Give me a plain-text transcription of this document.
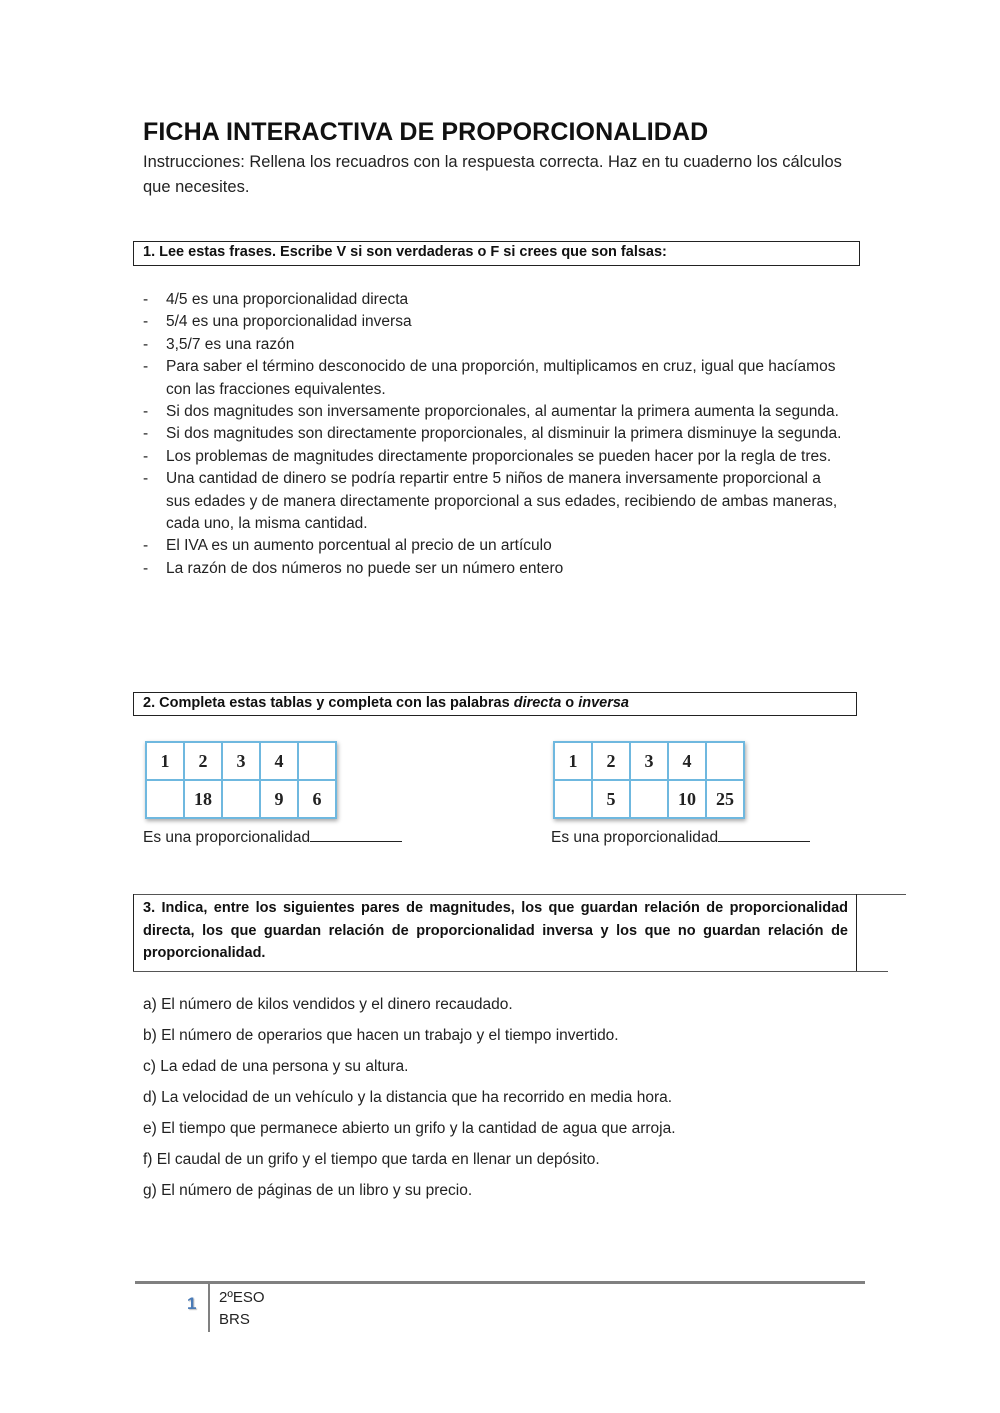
FICHA INTERACTIVA DE PROPORCIONALIDAD

Instrucciones: Rellena los recuadros con la respuesta correcta. Haz en tu cuaderno los cálculos que necesites.

1. Lee estas frases. Escribe V si son verdaderas o F si crees que son falsas:
- 4/5 es una proporcionalidad directa
- 5/4 es una proporcionalidad inversa
- 3,5/7 es una razón
- Para saber el término desconocido de una proporción, multiplicamos en cruz, igual que hacíamos con las fracciones equivalentes.
- Si dos magnitudes son inversamente proporcionales, al aumentar la primera aumenta la segunda.
- Si dos magnitudes son directamente proporcionales, al disminuir la primera disminuye la segunda.
- Los problemas de magnitudes directamente proporcionales se pueden hacer por la regla de tres.
- Una cantidad de dinero se podría repartir entre 5 niños de manera inversamente proporcional a sus edades y de manera directamente proporcional a sus edades, recibiendo de ambas maneras, cada uno, la misma cantidad.
- El IVA es un aumento porcentual al precio de un artículo
- La razón de dos números no puede ser un número entero
2. Completa estas tablas y completa con las palabras directa o inversa
1	2	3	4	
	18		9	6
1	2	3	4	
	5		10	25
Es una proporcionalidad	Es una proporcionalidad
3. Indica, entre los siguientes pares de magnitudes, los que guardan relación de proporcionalidad directa, los que guardan relación de proporcionalidad inversa y los que no guardan relación de proporcionalidad.
a) El número de kilos vendidos y el dinero recaudado.
b) El número de operarios que hacen un trabajo y el tiempo invertido.
c) La edad de una persona y su altura.
d) La velocidad de un vehículo y la distancia que ha recorrido en media hora.
e) El tiempo que permanece abierto un grifo y la cantidad de agua que arroja.
f) El caudal de un grifo y el tiempo que tarda en llenar un depósito.
g) El número de páginas de un libro y su precio.
1 2ºESO
BRS
